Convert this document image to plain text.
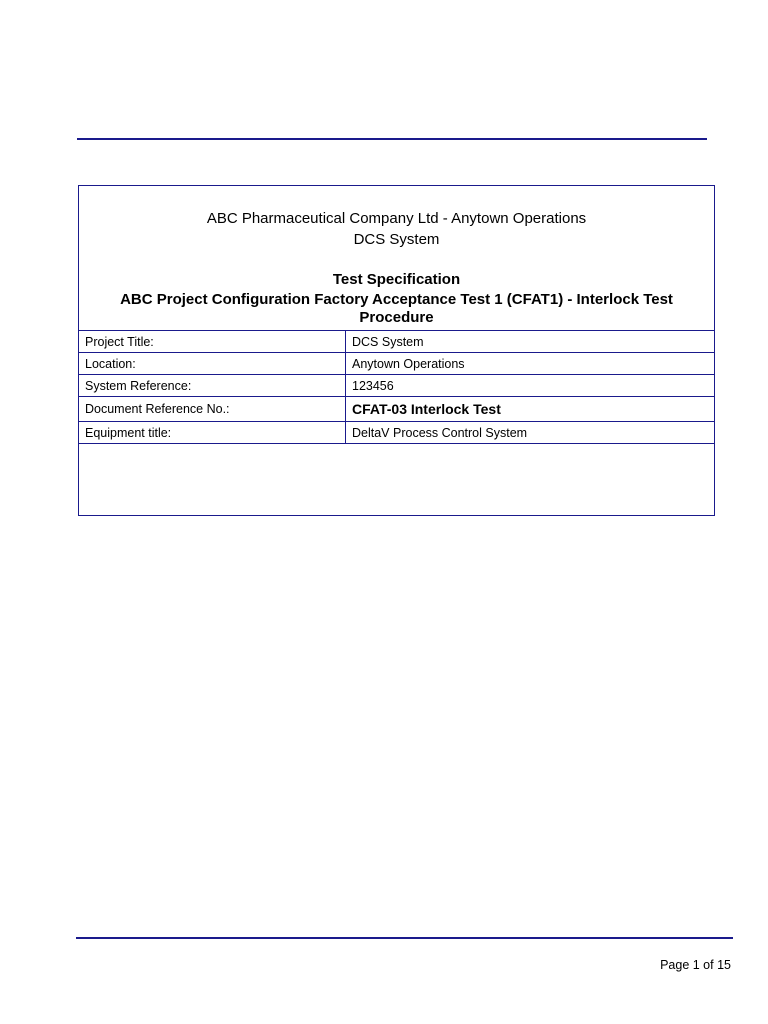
ABC Pharmaceutical Company Ltd - Anytown Operations
DCS System
Test Specification
ABC Project Configuration Factory Acceptance Test 1 (CFAT1) - Interlock Test Procedure
Project Title:	DCS System
Location:	Anytown Operations
System Reference:	123456
Document Reference No.:	CFAT-03 Interlock Test
Equipment title:	DeltaV Process Control System
Page 1 of 15
